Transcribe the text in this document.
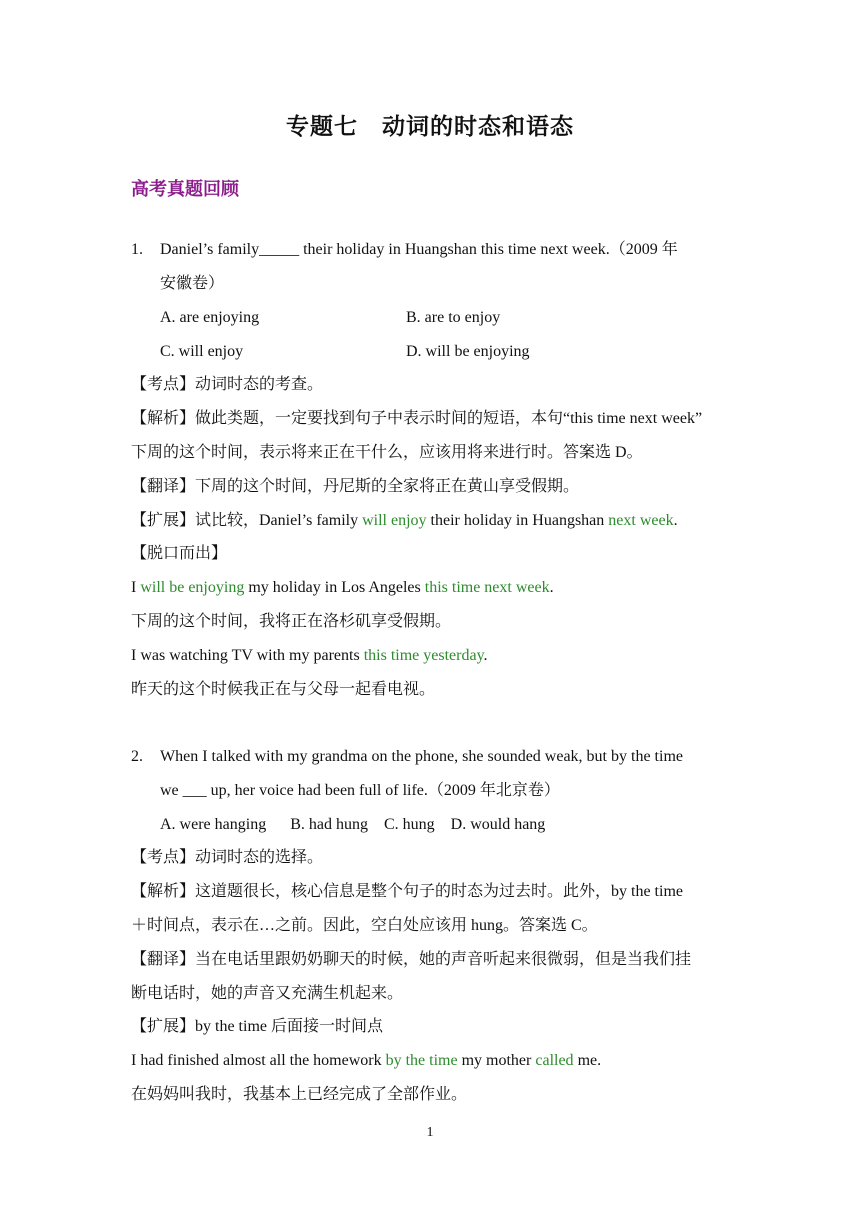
专题七　动词的时态和语态
高考真题回顾
1. Daniel’s family_____ their holiday in Huangshan this time next week.（2009 年
安徽卷）
A. are enjoying	B. are to enjoy
C. will enjoy	D. will be enjoying
【考点】动词时态的考查。
【解析】做此类题，一定要找到句子中表示时间的短语，本句“this time next week”
下周的这个时间，表示将来正在干什么，应该用将来进行时。答案选 D。
【翻译】下周的这个时间，丹尼斯的全家将正在黄山享受假期。
【扩展】试比较，Daniel’s family will enjoy their holiday in Huangshan next week.
【脱口而出】
I will be enjoying my holiday in Los Angeles this time next week.
下周的这个时间，我将正在洛杉矶享受假期。
I was watching TV with my parents this time yesterday.
昨天的这个时候我正在与父母一起看电视。
2. When I talked with my grandma on the phone, she sounded weak, but by the time
we ___ up, her voice had been full of life.（2009 年北京卷）
A. were hanging      B. had hung    C. hung    D. would hang
【考点】动词时态的选择。
【解析】这道题很长，核心信息是整个句子的时态为过去时。此外，by the time
＋时间点，表示在…之前。因此，空白处应该用 hung。答案选 C。
【翻译】当在电话里跟奶奶聊天的时候，她的声音听起来很微弱，但是当我们挂
断电话时，她的声音又充满生机起来。
【扩展】by the time 后面接一时间点
I had finished almost all the homework by the time my mother called me.
在妈妈叫我时，我基本上已经完成了全部作业。
1
